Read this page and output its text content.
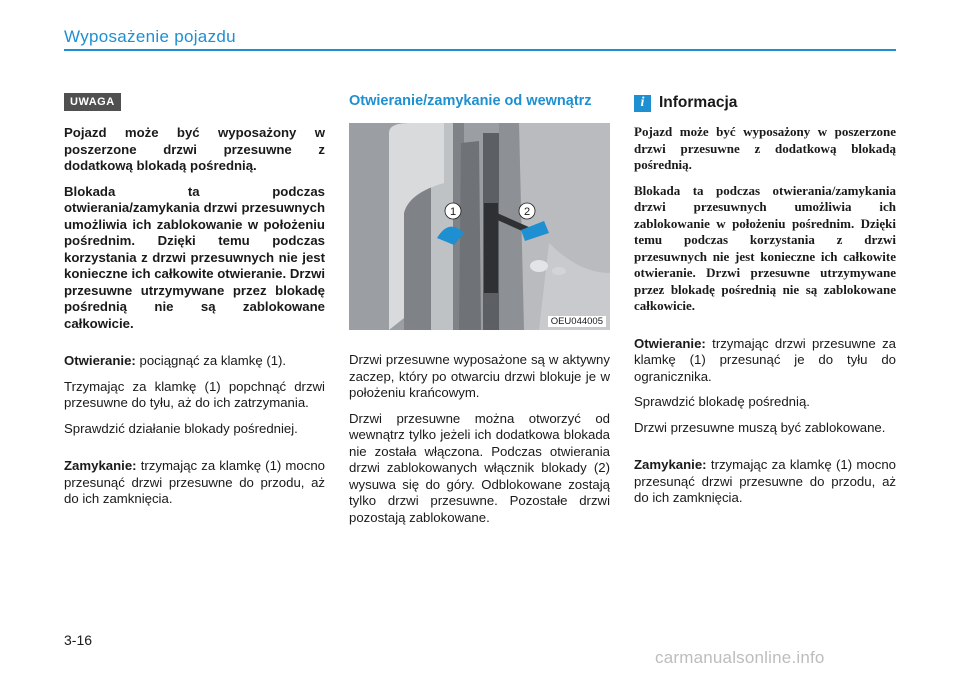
Wyposażenie pojazdu
UWAGA

Pojazd może być wyposażony w poszerzone drzwi przesuwne z dodatkową blokadą pośrednią.

Blokada ta podczas otwierania/zamykania drzwi przesuwnych umożliwia ich zablokowanie w położeniu pośrednim. Dzięki temu podczas korzystania z drzwi przesuwnych nie jest konieczne ich całkowite otwieranie. Drzwi przesuwne utrzymywane przez blokadę pośrednią nie są zablokowane całkowicie.

Otwieranie: pociągnąć za klamkę (1).

Trzymając za klamkę (1) popchnąć drzwi przesuwne do tyłu, aż do ich zatrzymania.

Sprawdzić działanie blokady pośredniej.

Zamykanie: trzymając za klamkę (1) mocno przesunąć drzwi przesuwne do przodu, aż do ich zamknięcia.

Otwieranie/zamykanie od wewnątrz
1	2
OEU044005

Drzwi przesuwne wyposażone są w aktywny zaczep, który po otwarciu drzwi blokuje je w położeniu krańcowym.

Drzwi przesuwne można otworzyć od wewnątrz tylko jeżeli ich dodatkowa blokada nie została włączona. Podczas otwierania drzwi zablokowanych włącznik blokady (2) wysuwa się do góry. Odblokowane zostają tylko drzwi przesuwne. Pozostałe drzwi pozostają zablokowane.

i Informacja

Pojazd może być wyposażony w poszerzone drzwi przesuwne z dodatkową blokadą pośrednią.

Blokada ta podczas otwierania/zamykania drzwi przesuwnych umożliwia ich zablokowanie w położeniu pośrednim. Dzięki temu podczas korzystania z drzwi przesuwnych nie jest konieczne ich całkowite otwieranie. Drzwi przesuwne utrzymywane przez blokadę pośrednią nie są zablokowane całkowicie.

Otwieranie: trzymając drzwi przesuwne za klamkę (1) przesunąć je do tyłu do ogranicznika.

Sprawdzić blokadę pośrednią.

Drzwi przesuwne muszą być zablokowane.

Zamykanie: trzymając za klamkę (1) mocno przesunąć drzwi przesuwne do przodu, aż do ich zamknięcia.

3-16
carmanualsonline.info
